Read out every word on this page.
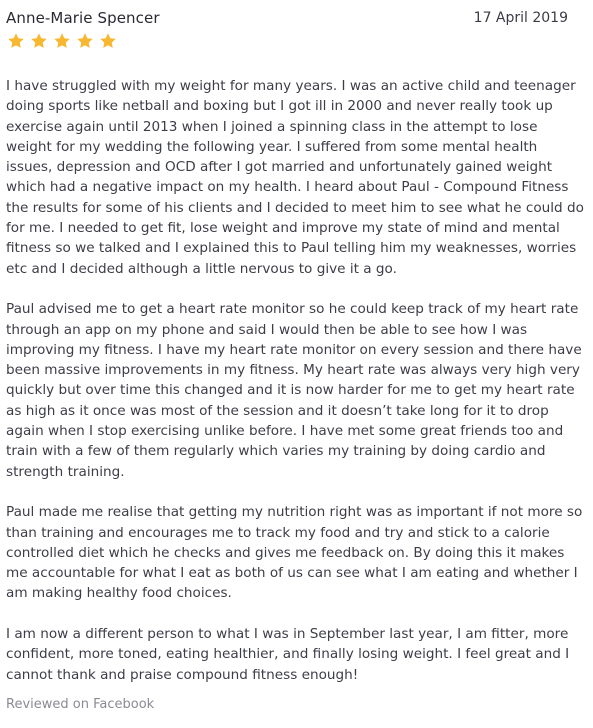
Anne-Marie Spencer	17 April 2019

I have struggled with my weight for many years. I was an active child and teenager doing sports like netball and boxing but I got ill in 2000 and never really took up exercise again until 2013 when I joined a spinning class in the attempt to lose weight for my wedding the following year. I suffered from some mental health issues, depression and OCD after I got married and unfortunately gained weight which had a negative impact on my health. I heard about Paul - Compound Fitness the results for some of his clients and I decided to meet him to see what he could do for me. I needed to get fit, lose weight and improve my state of mind and mental fitness so we talked and I explained this to Paul telling him my weaknesses, worries etc and I decided although a little nervous to give it a go.

Paul advised me to get a heart rate monitor so he could keep track of my heart rate through an app on my phone and said I would then be able to see how I was improving my fitness. I have my heart rate monitor on every session and there have been massive improvements in my fitness. My heart rate was always very high very quickly but over time this changed and it is now harder for me to get my heart rate as high as it once was most of the session and it doesn’t take long for it to drop again when I stop exercising unlike before. I have met some great friends too and train with a few of them regularly which varies my training by doing cardio and strength training.

Paul made me realise that getting my nutrition right was as important if not more so than training and encourages me to track my food and try and stick to a calorie controlled diet which he checks and gives me feedback on. By doing this it makes me accountable for what I eat as both of us can see what I am eating and whether I am making healthy food choices.

I am now a different person to what I was in September last year, I am fitter, more confident, more toned, eating healthier, and finally losing weight. I feel great and I cannot thank and praise compound fitness enough!

Reviewed on Facebook
